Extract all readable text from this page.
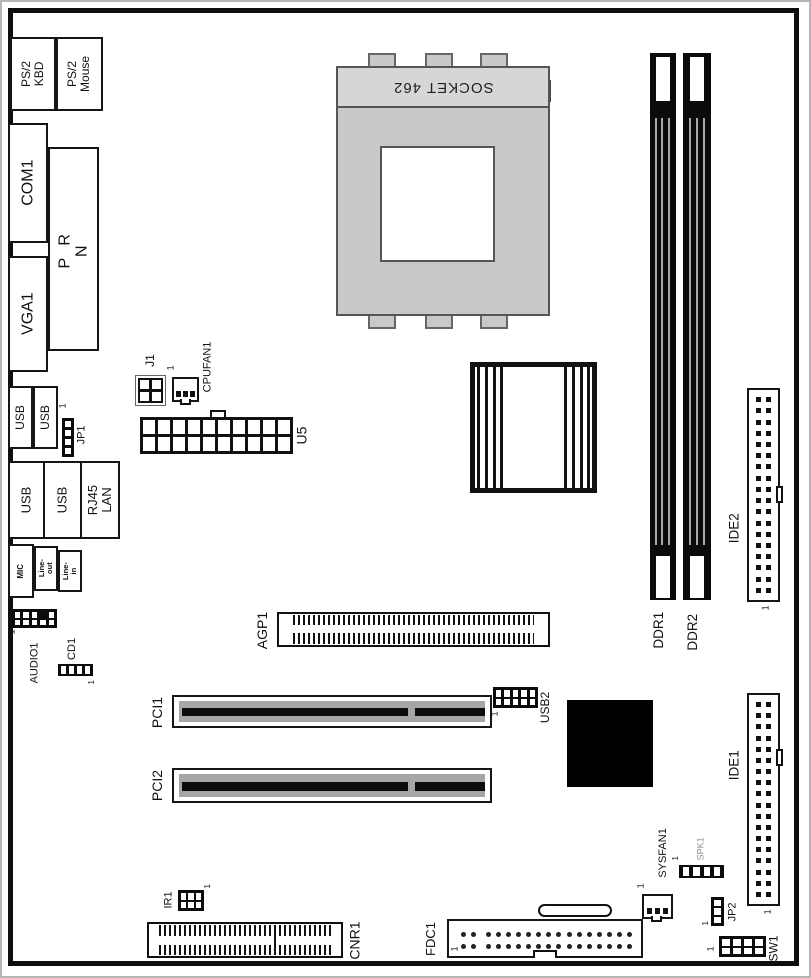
P R N
PS/2
KBD PS/2
Mouse
COM1
VGA1
USB USB 1
JP1
USB USB RJ45
LAN
MIC Line-out Line-in
1
AUDIO1 CD1
1
J1
1 CPUFAN1
U5
SOCKET 462
DDR1 DDR2
IDE2
1
IDE1
1
AGP1
PCI1
PCI2
1	USB2
IR1
1
CNR1	1
FDC1
SYSFAN1
1
SPK1
1
JP2
1
1	SW1
